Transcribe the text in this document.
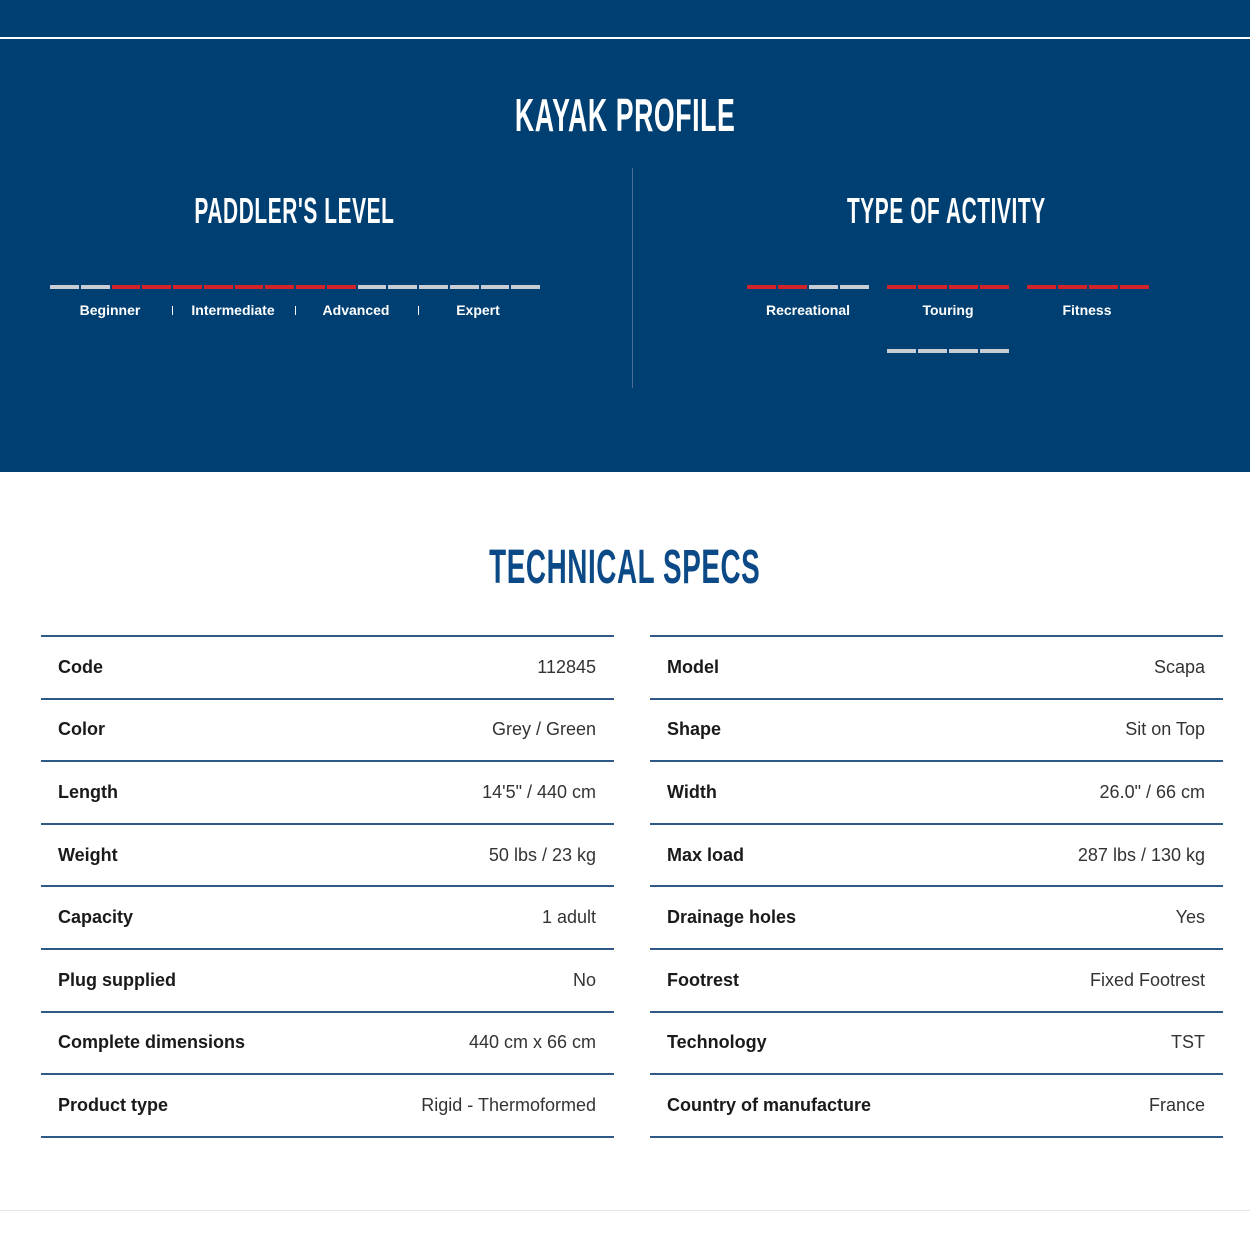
KAYAK PROFILE
PADDLER'S LEVEL	TYPE OF ACTIVITY
Beginner	Intermediate	Advanced	Expert	Recreational	Touring	Fitness
TECHNICAL SPECS
Code	112845
Color	Grey / Green
Length	14'5" / 440 cm
Weight	50 lbs / 23 kg
Capacity	1 adult
Plug supplied	No
Complete dimensions	440 cm x 66 cm
Product type	Rigid - Thermoformed
Model	Scapa
Shape	Sit on Top
Width	26.0" / 66 cm
Max load	287 lbs / 130 kg
Drainage holes	Yes
Footrest	Fixed Footrest
Technology	TST
Country of manufacture	France
